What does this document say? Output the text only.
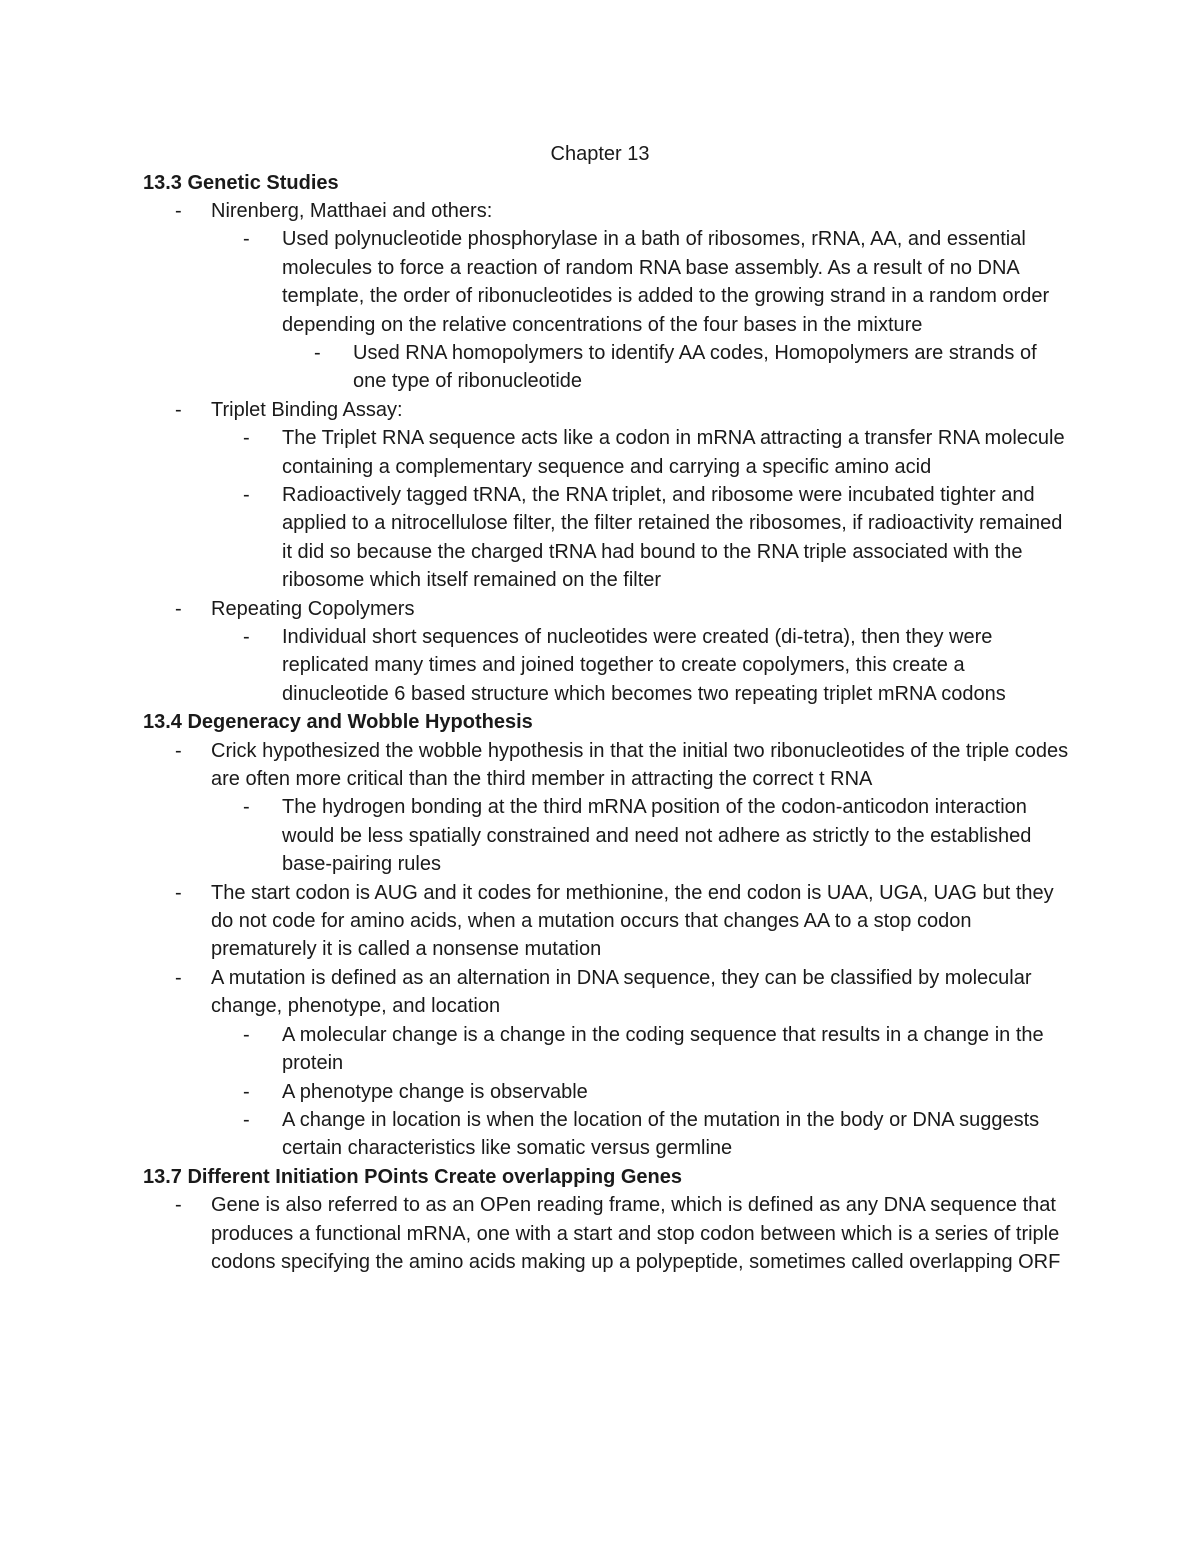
Chapter 13
13.3 Genetic Studies
-	Nirenberg, Matthaei and others:
-	Used polynucleotide phosphorylase in a bath of ribosomes, rRNA, AA, and essential molecules to force a reaction of random RNA base assembly. As a result of no DNA template, the order of ribonucleotides is added to the growing strand in a random order depending on the relative concentrations of the four bases in the mixture
-	Used RNA homopolymers to identify AA codes, Homopolymers are strands of one type of ribonucleotide
-	Triplet Binding Assay:
-	The Triplet RNA sequence acts like a codon in mRNA attracting a transfer RNA molecule containing a complementary sequence and carrying a specific amino acid
-	Radioactively tagged tRNA, the RNA triplet, and ribosome were incubated tighter and applied to a nitrocellulose filter, the filter retained the ribosomes, if radioactivity remained it did so because the charged tRNA had bound to the RNA triple associated with the ribosome which itself remained on the filter
-	Repeating Copolymers
-	Individual short sequences of nucleotides were created (di-tetra), then they were replicated many times and joined together to create copolymers, this create a dinucleotide 6 based structure which becomes two repeating triplet mRNA codons
13.4 Degeneracy and Wobble Hypothesis
-	Crick hypothesized the wobble hypothesis in that the initial two ribonucleotides of the triple codes are often more critical than the third member in attracting the correct t RNA
-	The hydrogen bonding at the third mRNA position of the codon-anticodon interaction would be less spatially constrained and need not adhere as strictly to the established base-pairing rules
-	The start codon is AUG and it codes for methionine, the end codon is UAA, UGA, UAG but they do not code for amino acids, when a mutation occurs that changes AA to a stop codon prematurely it is called a nonsense mutation
-	A mutation is defined as an alternation in DNA sequence, they can be classified by molecular change, phenotype, and location
-	A molecular change is a change in the coding sequence that results in a change in the protein
-	A phenotype change is observable
-	A change in location is when the location of the mutation in the body or DNA suggests certain characteristics like somatic versus germline
13.7 Different Initiation POints Create overlapping Genes
-	Gene is also referred to as an OPen reading frame, which is defined as any DNA sequence that produces a functional mRNA, one with a start and stop codon between which is a series of triple codons specifying the amino acids making up a polypeptide, sometimes called overlapping ORF
